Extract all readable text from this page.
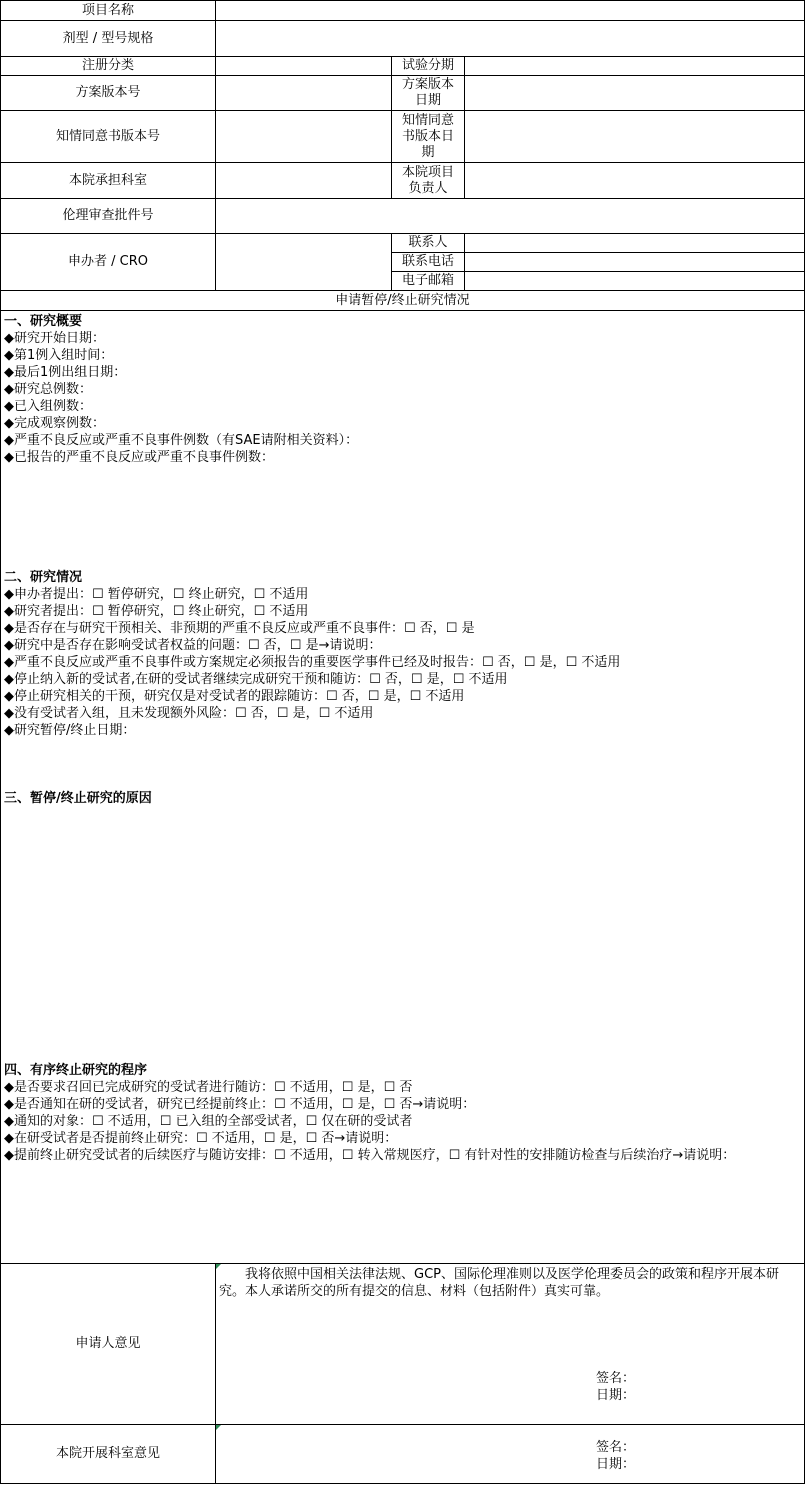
项目名称
剂型 / 型号规格
注册分类	试验分期
方案版本号
方案版本
日期
知情同意书版本号
知情同意
书版本日
期
本院承担科室
本院项目
负责人
伦理审查批件号
申办者 / CRO
联系人
联系电话
电子邮箱
申请暂停/终止研究情况
一、研究概要
◆研究开始日期：
◆第1例入组时间：
◆最后1例出组日期：
◆研究总例数：
◆已入组例数：
◆完成观察例数：
◆严重不良反应或严重不良事件例数（有SAE请附相关资料）：
◆已报告的严重不良反应或严重不良事件例数：
二、研究情况
◆申办者提出：☐ 暂停研究，☐ 终止研究，☐ 不适用
◆研究者提出：☐ 暂停研究，☐ 终止研究，☐ 不适用
◆是否存在与研究干预相关、非预期的严重不良反应或严重不良事件：☐ 否，☐ 是
◆研究中是否存在影响受试者权益的问题：☐ 否，☐ 是→请说明：
◆严重不良反应或严重不良事件或方案规定必须报告的重要医学事件已经及时报告：☐ 否，☐ 是，☐ 不适用
◆停止纳入新的受试者,在研的受试者继续完成研究干预和随访：☐ 否，☐ 是，☐ 不适用
◆停止研究相关的干预，研究仅是对受试者的跟踪随访：☐ 否，☐ 是，☐ 不适用
◆没有受试者入组，且未发现额外风险：☐ 否，☐ 是，☐ 不适用
◆研究暂停/终止日期：
三、暂停/终止研究的原因
四、有序终止研究的程序
◆是否要求召回已完成研究的受试者进行随访：☐ 不适用，☐ 是，☐ 否
◆是否通知在研的受试者，研究已经提前终止：☐ 不适用，☐ 是，☐ 否→请说明：
◆通知的对象：☐ 不适用，☐ 已入组的全部受试者，☐ 仅在研的受试者
◆在研受试者是否提前终止研究：☐ 不适用，☐ 是，☐ 否→请说明：
◆提前终止研究受试者的后续医疗与随访安排：☐ 不适用，☐ 转入常规医疗，☐ 有针对性的安排随访检查与后续治疗→请说明：
申请人意见
　　我将依照中国相关法律法规、GCP、国际伦理准则以及医学伦理委员会的政策和程序开展本研究。本人承诺所交的所有提交的信息、材料（包括附件）真实可靠。
签名：
日期：
本院开展科室意见	签名：
日期：
